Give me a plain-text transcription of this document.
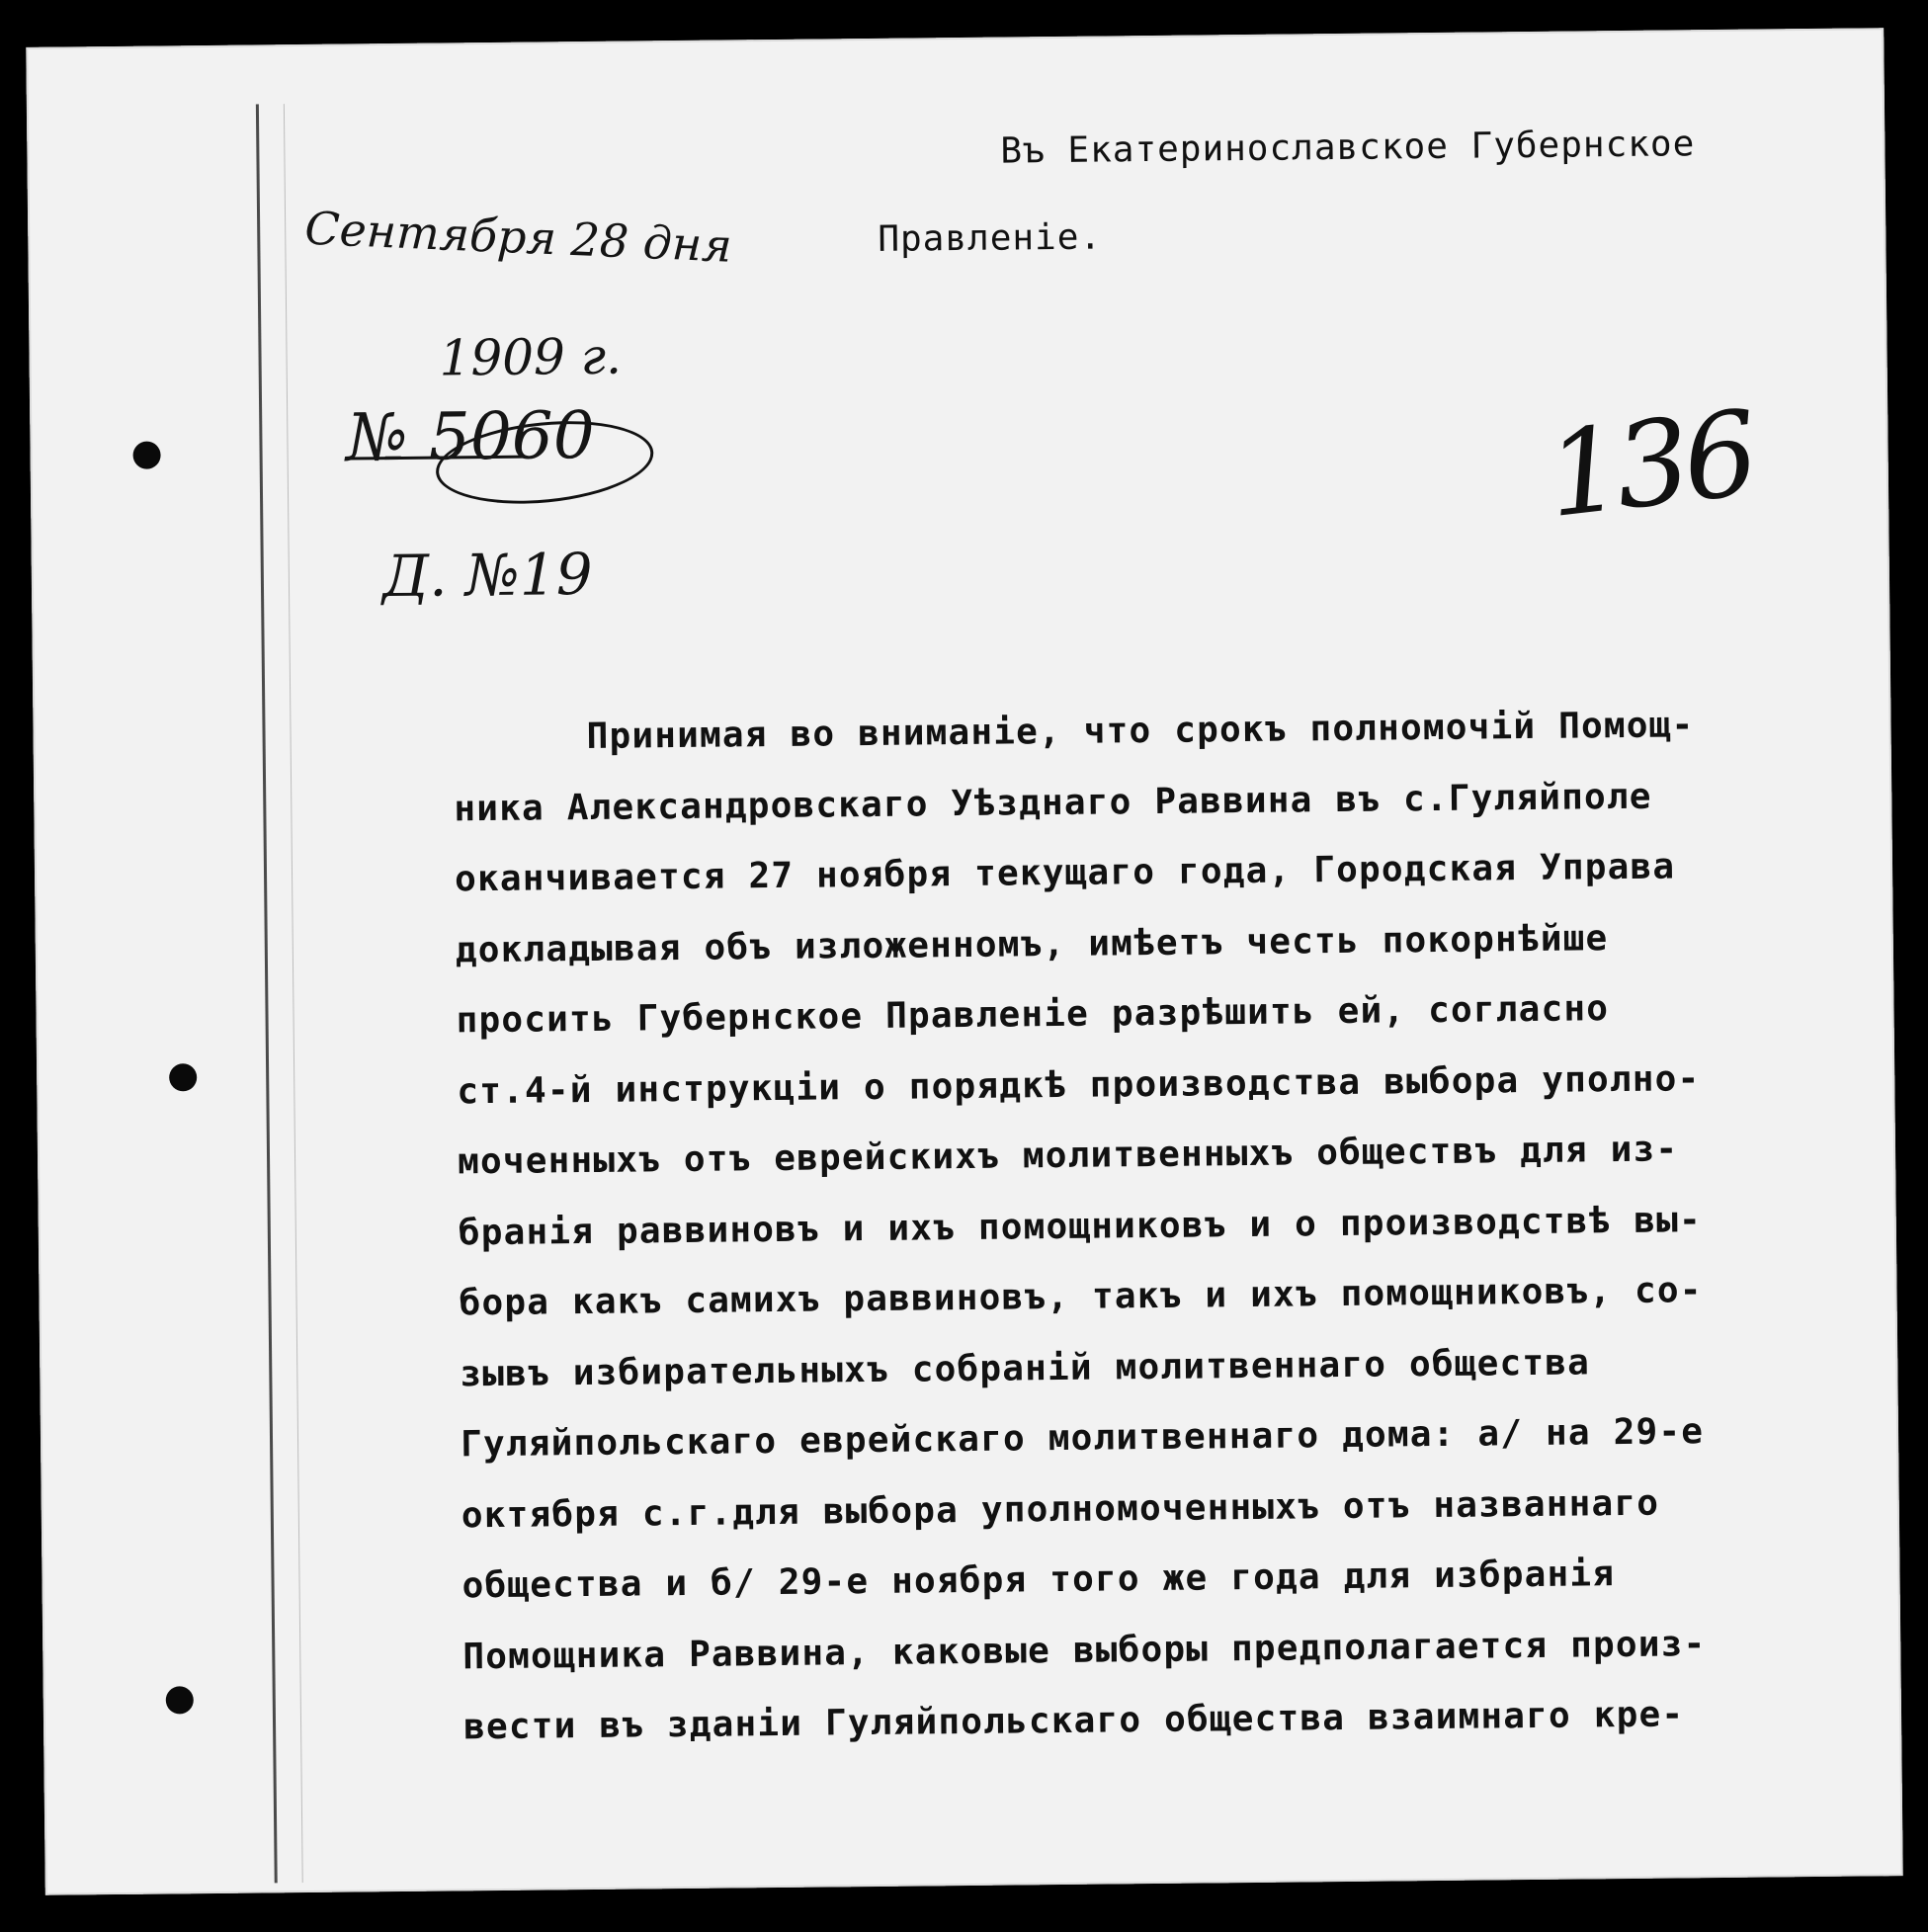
Въ Екатеринославское Губернское
Правленіе.
Сентября 28 дня
1909 г.
№ 5060
Д. №19
136
Принимая во вниманіе, что срокъ полномочій Помощ-
ника Александровскаго Уѣзднаго Раввина въ с.Гуляйполе
оканчивается 27 ноября текущаго года, Городская Управа
докладывая объ изложенномъ, имѣетъ честь покорнѣйше
просить Губернское Правленіе разрѣшить ей, согласно
ст.4-й инструкціи о порядкѣ производства выбора уполно-
моченныхъ отъ еврейскихъ молитвенныхъ обществъ для из-
бранія раввиновъ и ихъ помощниковъ и о производствѣ вы-
бора какъ самихъ раввиновъ, такъ и ихъ помощниковъ, со-
зывъ избирательныхъ собраній молитвеннаго общества
Гуляйпольскаго еврейскаго молитвеннаго дома: а/ на 29-е
октября с.г.для выбора уполномоченныхъ отъ названнаго
общества и б/ 29-е ноября того же года для избранія
Помощника Раввина, каковые выборы предполагается произ-
вести въ зданіи Гуляйпольскаго общества взаимнаго кре-
